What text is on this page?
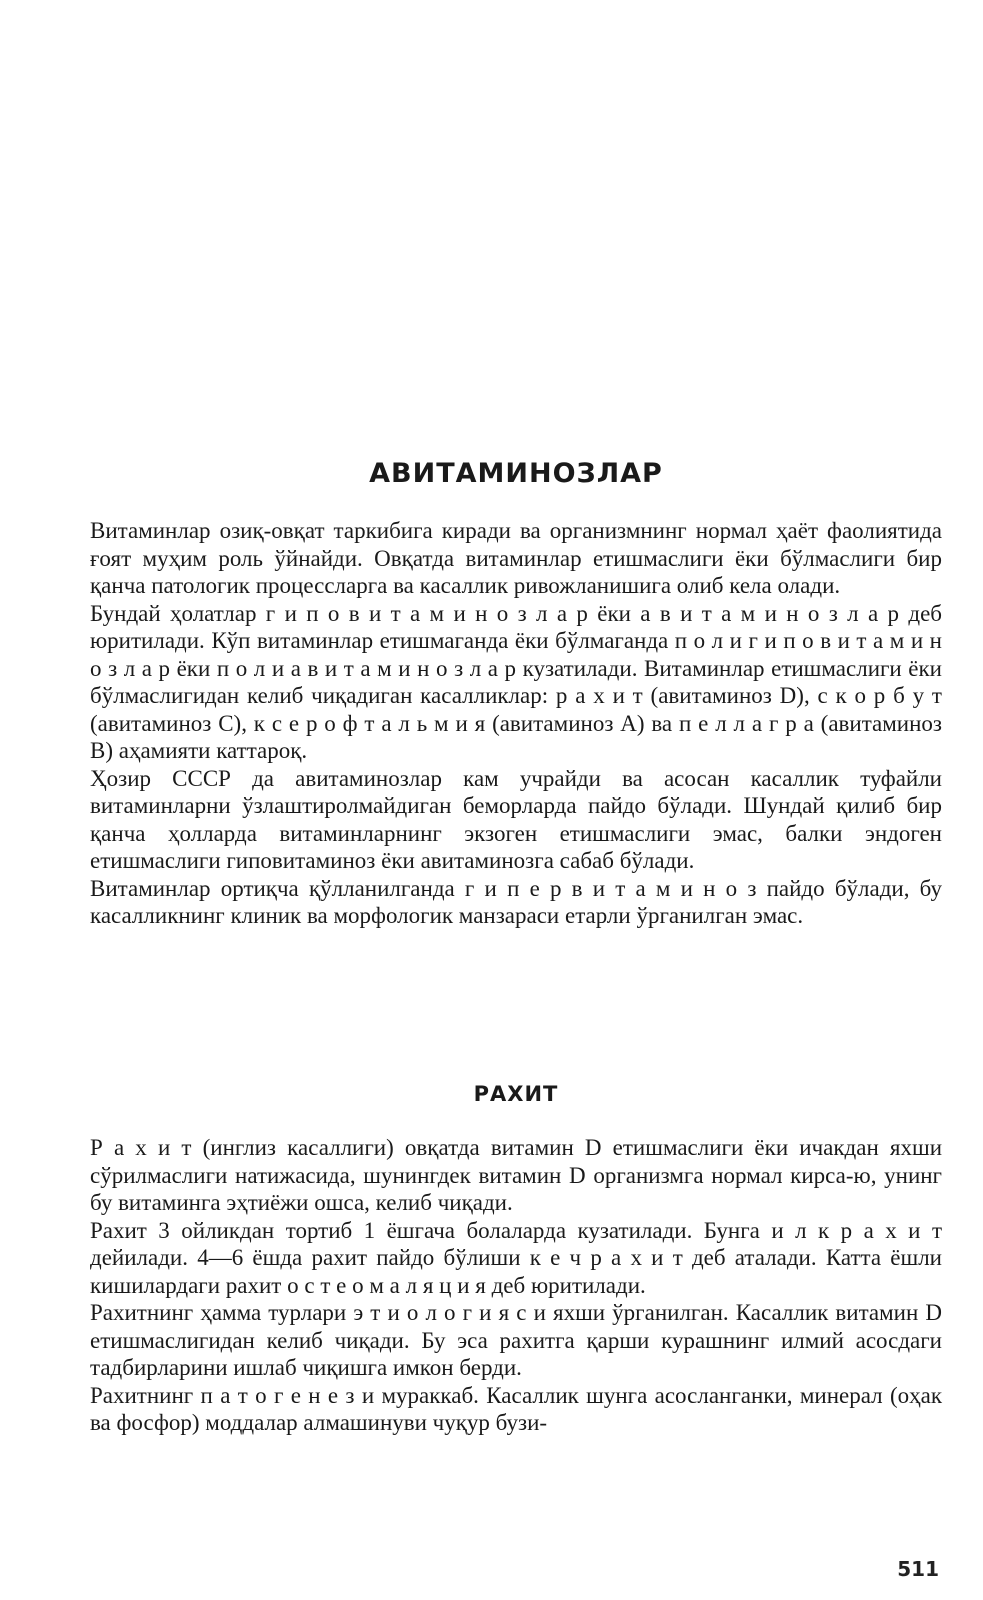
АВИТАМИНОЗЛАР

Витаминлар озиқ-овқат таркибига киради ва организмнинг нормал ҳаёт фаолиятида ғоят муҳим роль ўйнайди. Овқатда витаминлар етишмаслиги ёки бўлмаслиги бир қанча патологик процессларга ва касаллик ривожланишига олиб кела олади.

Бундай ҳолатлар г и п о в и т а м и н о з л а р ёки а в и т а м и н о з л а р деб юритилади. Кўп витаминлар етишмаганда ёки бўлмаганда п о л и г и п о в и т а м и н о з л а р ёки п о л и а в и т а м и н о з л а р кузатилади. Витаминлар етишмаслиги ёки бўлмаслигидан келиб чиқадиган касалликлар: р а х и т (авитаминоз D), с к о р б у т (авитаминоз С), к с е р о ф т а л ь м и я (авитаминоз А) ва п е л л а г р а (авитаминоз В) аҳамияти каттароқ.

Ҳозир СССР да авитаминозлар кам учрайди ва асосан касаллик туфайли витаминларни ўзлаштиролмайдиган беморларда пайдо бўлади. Шундай қилиб бир қанча ҳолларда витаминларнинг экзоген етишмаслиги эмас, балки эндоген етишмаслиги гиповитаминоз ёки авитаминозга сабаб бўлади.

Витаминлар ортиқча қўлланилганда г и п е р в и т а м и н о з пайдо бўлади, бу касалликнинг клиник ва морфологик манзараси етарли ўрганилган эмас.

РАХИТ

Р а х и т (инглиз касаллиги) овқатда витамин D етишмаслиги ёки ичакдан яхши сўрилмаслиги натижасида, шунингдек витамин D организмга нормал кирса-ю, унинг бу витаминга эҳтиёжи ошса, келиб чиқади.

Рахит 3 ойликдан тортиб 1 ёшгача болаларда кузатилади. Бунга и л к р а х и т дейилади. 4—6 ёшда рахит пайдо бўлиши к е ч р а х и т деб аталади. Катта ёшли кишилардаги рахит о с т е о м а л я ц и я деб юритилади.

Рахитнинг ҳамма турлари э т и о л о г и я с и яхши ўрганилган. Касаллик витамин D етишмаслигидан келиб чиқади. Бу эса рахитга қарши курашнинг илмий асосдаги тадбирларини ишлаб чиқишга имкон берди.

Рахитнинг п а т о г е н е з и мураккаб. Касаллик шунга асосланганки, минерал (оҳак ва фосфор) моддалар алмашинуви чуқур бузи-

511
